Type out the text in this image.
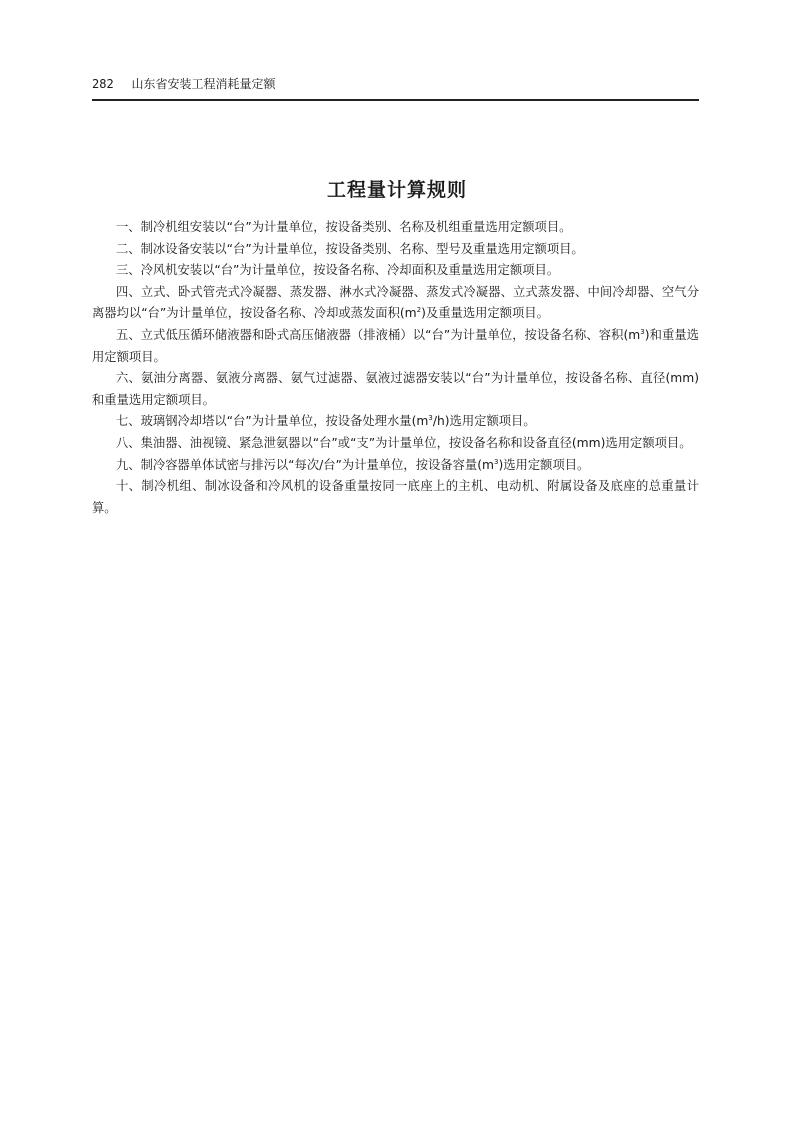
282 山东省安装工程消耗量定额
工程量计算规则

一、制冷机组安装以“台”为计量单位，按设备类别、名称及机组重量选用定额项目。

二、制冰设备安装以“台”为计量单位，按设备类别、名称、型号及重量选用定额项目。

三、冷风机安装以“台”为计量单位，按设备名称、冷却面积及重量选用定额项目。

四、立式、卧式管壳式冷凝器、蒸发器、淋水式冷凝器、蒸发式冷凝器、立式蒸发器、中间冷却器、空气分离器均以“台”为计量单位，按设备名称、冷却或蒸发面积$(m^2)$及重量选用定额项目。

五、立式低压循环储液器和卧式高压储液器（排液桶）以“台”为计量单位，按设备名称、容积$(m^3)$和重量选用定额项目。

六、氨油分离器、氨液分离器、氨气过滤器、氨液过滤器安装以“台”为计量单位，按设备名称、直径(mm)和重量选用定额项目。

七、玻璃钢冷却塔以“台”为计量单位，按设备处理水量$(m^3/h)$选用定额项目。

八、集油器、油视镜、紧急泄氨器以“台”或“支”为计量单位，按设备名称和设备直径(mm)选用定额项目。

九、制冷容器单体试密与排污以“每次/台”为计量单位，按设备容量$(m^3)$选用定额项目。

十、制冷机组、制冰设备和冷风机的设备重量按同一底座上的主机、电动机、附属设备及底座的总重量计算。
